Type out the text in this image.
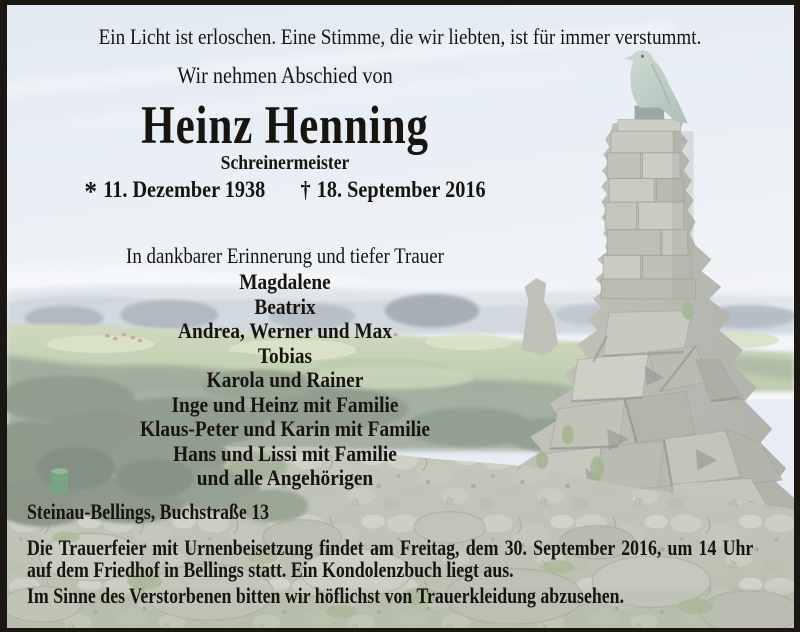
Ein Licht ist erloschen. Eine Stimme, die wir liebten, ist für immer verstummt.
Wir nehmen Abschied von
Heinz Henning
Schreinermeister
* 11. Dezember 1938 † 18. September 2016
In dankbarer Erinnerung und tiefer Trauer
Magdalene
Beatrix
Andrea, Werner und Max
Tobias
Karola und Rainer
Inge und Heinz mit Familie
Klaus-Peter und Karin mit Familie
Hans und Lissi mit Familie
und alle Angehörigen
Steinau-Bellings, Buchstraße 13
Die Trauerfeier mit Urnenbeisetzung findet am Freitag, dem 30. September 2016, um 14 Uhr
auf dem Friedhof in Bellings statt. Ein Kondolenzbuch liegt aus.
Im Sinne des Verstorbenen bitten wir höflichst von Trauerkleidung abzusehen.
